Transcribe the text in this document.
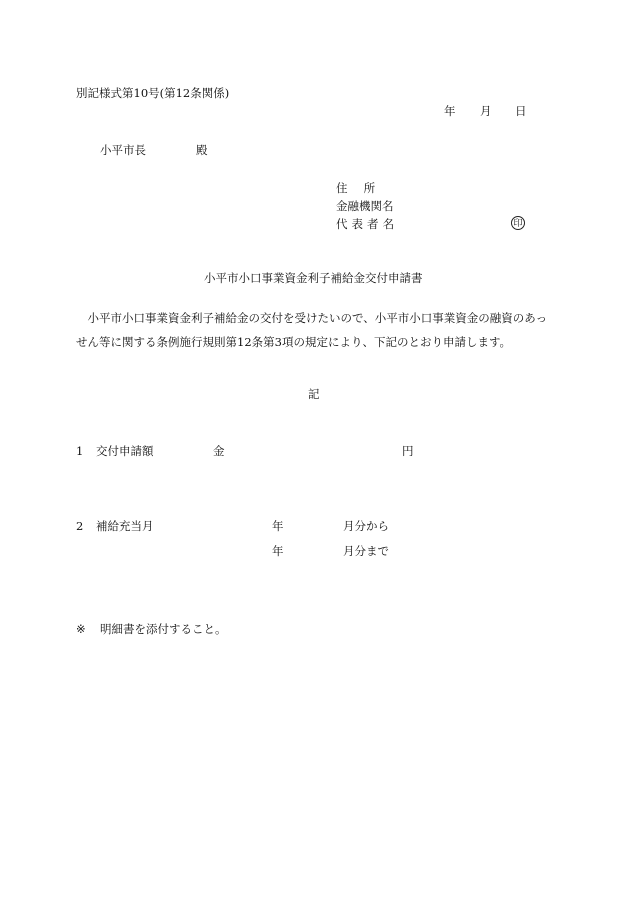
別記様式第10号(第12条関係)
年 月 日
小平市長	殿
住　所
金融機関名
代表者名	印
小平市小口事業資金利子補給金交付申請書
小平市小口事業資金利子補給金の交付を受けたいので、小平市小口事業資金の融資のあっせん等に関する条例施行規則第12条第3項の規定により、下記のとおり申請します。
記
1 交付申請額	金	円
2 補給充当月	年	月分から
年	月分まで
※ 明細書を添付すること。
